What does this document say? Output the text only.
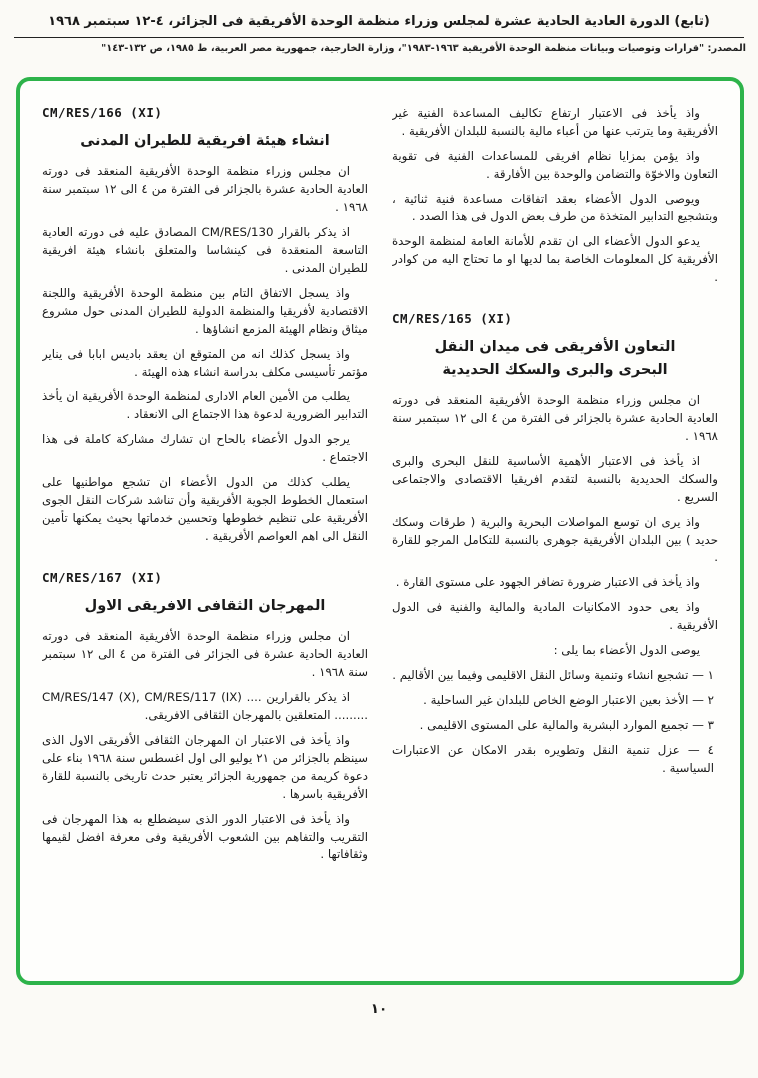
(تابع) الدورة العادية الحادية عشرة لمجلس وزراء منظمة الوحدة الأفريقية فى الجزائر، ٤-١٢ سبتمبر ١٩٦٨
المصدر: "قرارات وتوصيات وبيانات منظمة الوحدة الأفريقية ١٩٦٣-١٩٨٣"، وزارة الخارجية، جمهورية مصر العربية، ط ١٩٨٥، ص ١٣٢-١٤٣"

واذ يأخذ فى الاعتبار ارتفاع تكاليف المساعدة الفنية غير الأفريقية وما يترتب عنها من أعباء مالية بالنسبة للبلدان الأفريقية .

واذ يؤمن بمزايا نظام افريقى للمساعدات الفنية فى تقوية التعاون والاخوّة والتضامن والوحدة بين الأفارقة .

ويوصى الدول الأعضاء بعقد اتفاقات مساعدة فنية ثنائية ، وبتشجيع التدابير المتخذة من طرف بعض الدول فى هذا الصدد .

يدعو الدول الأعضاء الى ان تقدم للأمانة العامة لمنظمة الوحدة الأفريقية كل المعلومات الخاصة بما لديها او ما تحتاج اليه من كوادر .

CM/RES/165 (XI)
التعاون الأفريقى فى ميدان النقل
البحرى والبرى والسكك الحديدية

ان مجلس وزراء منظمة الوحدة الأفريقية المنعقد فى دورته العادية الحادية عشرة بالجزائر فى الفترة من ٤ الى ١٢ سبتمبر سنة ١٩٦٨ .

اذ يأخذ فى الاعتبار الأهمية الأساسية للنقل البحرى والبرى والسكك الحديدية بالنسبة لتقدم افريقيا الاقتصادى والاجتماعى السريع .

واذ يرى ان توسع المواصلات البحرية والبرية ( طرقات وسكك حديد ) بين البلدان الأفريقية جوهرى بالنسبة للتكامل المرجو للقارة .

واذ يأخذ فى الاعتبار ضرورة تضافر الجهود على مستوى القارة .

واذ يعى حدود الامكانيات المادية والمالية والفنية فى الدول الأفريقية .

يوصى الدول الأعضاء بما يلى :

١ — تشجيع انشاء وتنمية وسائل النقل الاقليمى وفيما بين الأقاليم .

٢ — الأخذ بعين الاعتبار الوضع الخاص للبلدان غير الساحلية .

٣ — تجميع الموارد البشرية والمالية على المستوى الاقليمى .

٤ — عزل تنمية النقل وتطويره بقدر الامكان عن الاعتبارات السياسية .

CM/RES/166 (XI)
انشاء هيئة افريقية للطيران المدنى

ان مجلس وزراء منظمة الوحدة الأفريقية المنعقد فى دورته العادية الحادية عشرة بالجزائر فى الفترة من ٤ الى ١٢ سبتمبر سنة ١٩٦٨ .

اذ يذكر بالقرار CM/RES/130 المصادق عليه فى دورته العادية التاسعة المنعقدة فى كينشاسا والمتعلق بانشاء هيئة افريقية للطيران المدنى .

واذ يسجل الاتفاق التام بين منظمة الوحدة الأفريقية واللجنة الاقتصادية لأفريقيا والمنظمة الدولية للطيران المدنى حول مشروع ميثاق ونظام الهيئة المزمع انشاؤها .

واذ يسجل كذلك انه من المتوقع ان يعقد باديس ابابا فى يناير مؤتمر تأسيسى مكلف بدراسة انشاء هذه الهيئة .

يطلب من الأمين العام الادارى لمنظمة الوحدة الأفريقية ان يأخذ التدابير الضرورية لدعوة هذا الاجتماع الى الانعقاد .

يرجو الدول الأعضاء بالحاح ان تشارك مشاركة كاملة فى هذا الاجتماع .

يطلب كذلك من الدول الأعضاء ان تشجع مواطنيها على استعمال الخطوط الجوية الأفريقية وأن تناشد شركات النقل الجوى الأفريقية على تنظيم خطوطها وتحسين خدماتها بحيث يمكنها تأمين النقل الى اهم العواصم الأفريقية .

CM/RES/167 (XI)
المهرجان الثقافى الافريقى الاول

ان مجلس وزراء منظمة الوحدة الأفريقية المنعقد فى دورته العادية الحادية عشرة فى الجزائر فى الفترة من ٤ الى ١٢ سبتمبر سنة ١٩٦٨ .

اذ يذكر بالقرارين .... CM/RES/147 (X), CM/RES/117 (IX) ......... المتعلقين بالمهرجان الثقافى الافريقى.

واذ يأخذ فى الاعتبار ان المهرجان الثقافى الأفريقى الاول الذى سينظم بالجزائر من ٢١ يوليو الى اول اغسطس سنة ١٩٦٨ بناء على دعوة كريمة من جمهورية الجزائر يعتبر حدث تاريخى بالنسبة للقارة الأفريقية باسرها .

واذ يأخذ فى الاعتبار الدور الذى سيضطلع به هذا المهرجان فى التقريب والتفاهم بين الشعوب الأفريقية وفى معرفة افضل لقيمها وثقافاتها .

١٠
